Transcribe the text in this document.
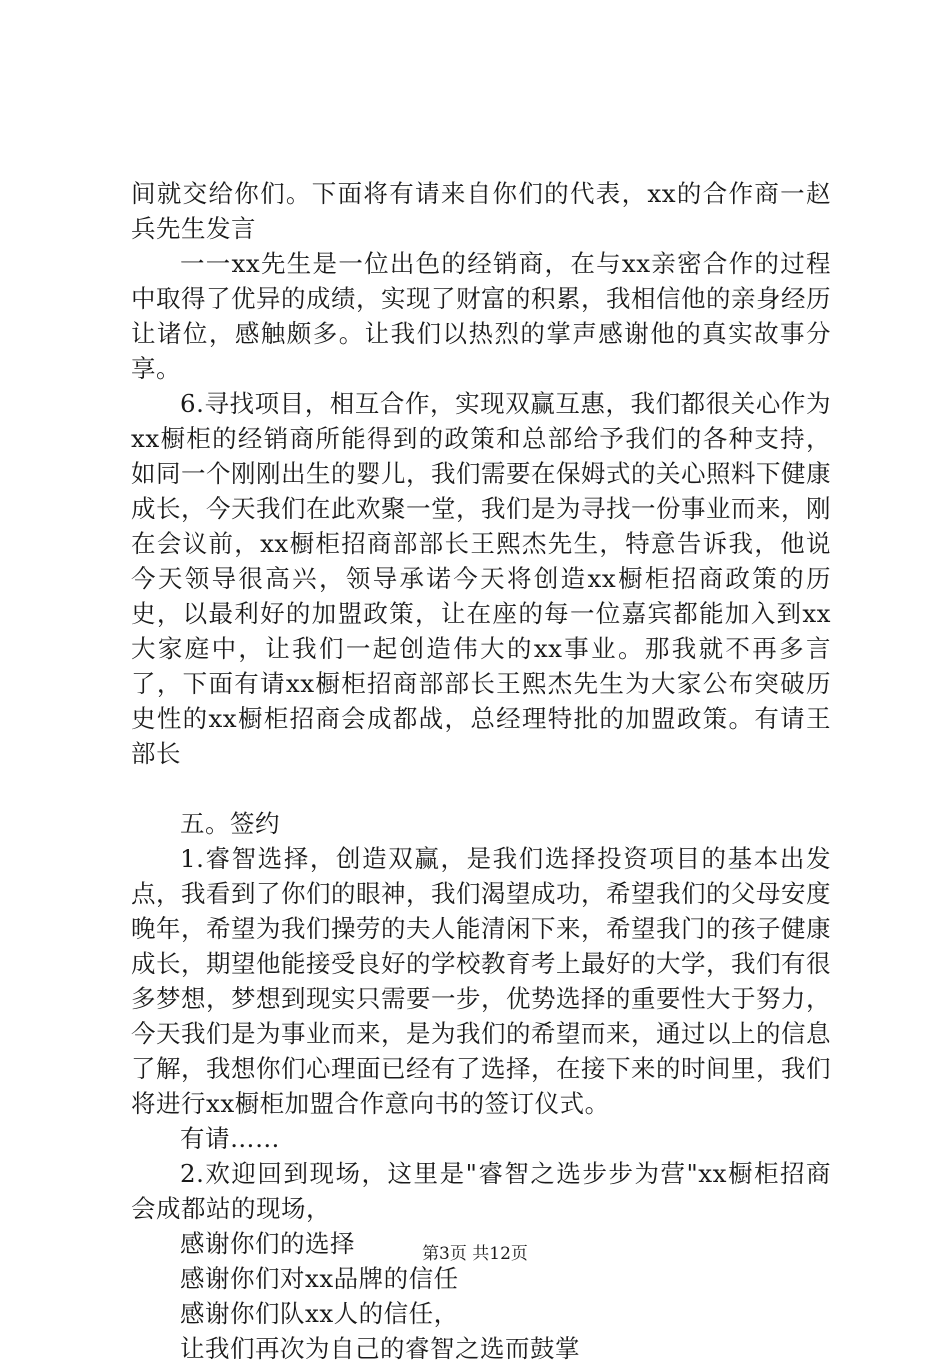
间就交给你们。下面将有请来自你们的代表，xx的合作商一赵兵先生发言

一一xx先生是一位出色的经销商，在与xx亲密合作的过程中取得了优异的成绩，实现了财富的积累，我相信他的亲身经历让诸位，感触颇多。让我们以热烈的掌声感谢他的真实故事分享。

6.寻找项目，相互合作，实现双赢互惠，我们都很关心作为xx橱柜的经销商所能得到的政策和总部给予我们的各种支持，如同一个刚刚出生的婴儿，我们需要在保姆式的关心照料下健康成长，今天我们在此欢聚一堂，我们是为寻找一份事业而来，刚在会议前，xx橱柜招商部部长王熙杰先生，特意告诉我，他说今天领导很高兴，领导承诺今天将创造xx橱柜招商政策的历史，以最利好的加盟政策，让在座的每一位嘉宾都能加入到xx大家庭中，让我们一起创造伟大的xx事业。那我就不再多言了，下面有请xx橱柜招商部部长王熙杰先生为大家公布突破历史性的xx橱柜招商会成都战，总经理特批的加盟政策。有请王部长

五。签约

1.睿智选择，创造双赢，是我们选择投资项目的基本出发点，我看到了你们的眼神，我们渴望成功，希望我们的父母安度晚年，希望为我们操劳的夫人能清闲下来，希望我门的孩子健康成长，期望他能接受良好的学校教育考上最好的大学，我们有很多梦想，梦想到现实只需要一步，优势选择的重要性大于努力，今天我们是为事业而来，是为我们的希望而来，通过以上的信息了解，我想你们心理面已经有了选择，在接下来的时间里，我们将进行xx橱柜加盟合作意向书的签订仪式。

有请……

2.欢迎回到现场，这里是"睿智之选步步为营"xx橱柜招商会成都站的现场，

感谢你们的选择

感谢你们对xx品牌的信任

感谢你们队xx人的信任，

让我们再次为自己的睿智之选而鼓掌

第3页 共12页
